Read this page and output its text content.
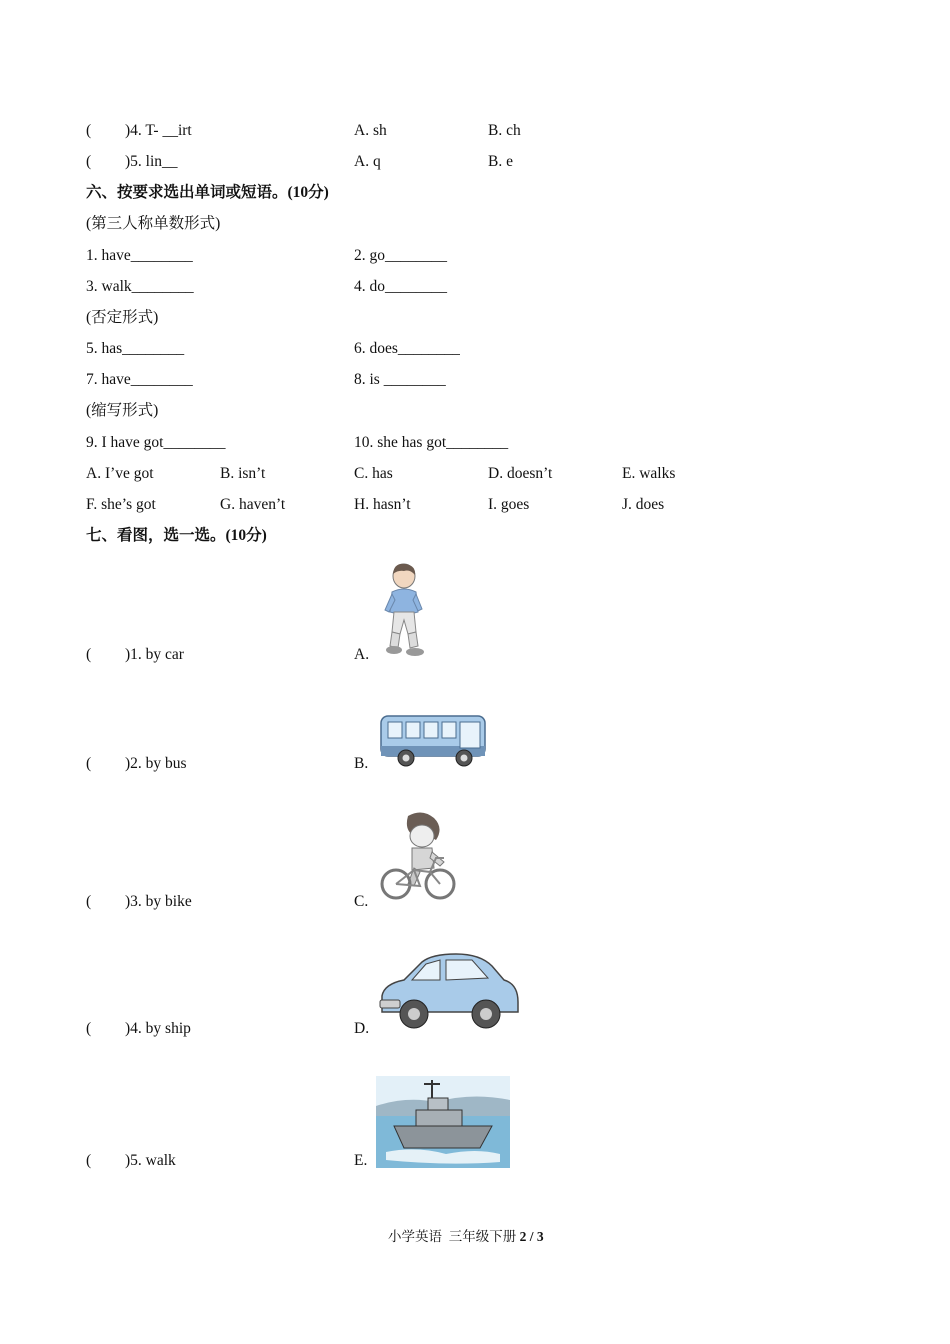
( )4. T- __irt	A. sh	B. ch
( )5. lin__	A. q	B. e
六、按要求选出单词或短语。(10分)
(第三人称单数形式)
1. have________	2. go________
3. walk________	4. do________
(否定形式)
5. has________	6. does________
7. have________	8. is ________
(缩写形式)
9. I have got________	10. she has got________
A. I’ve got	B. isn’t	C. has	D. doesn’t	E. walks
F. she’s got	G. haven’t	H. hasn’t	I. goes	J. does
七、看图，选一选。(10分)
( )1. by car	A.
( )2. by bus	B.
( )3. by bike	C.
( )4. by ship	D.
( )5. walk	E.
小学英语  三年级下册 2 / 3
